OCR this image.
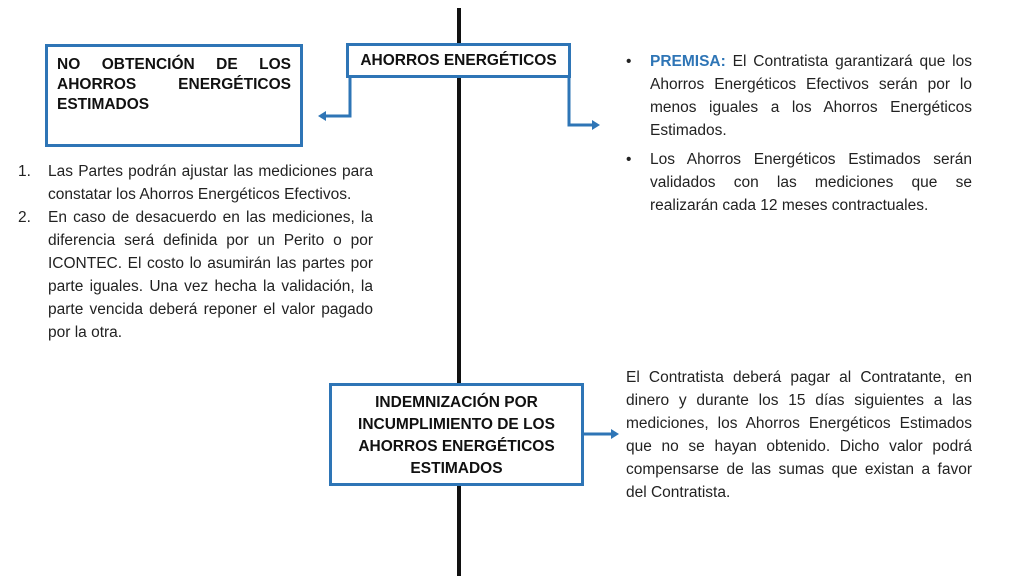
NO OBTENCIÓN DE LOS
AHORROS ENERGÉTICOS
ESTIMADOS
AHORROS ENERGÉTICOS
INDEMNIZACIÓN POR
INCUMPLIMIENTO DE LOS
AHORROS ENERGÉTICOS
ESTIMADOS
1. Las Partes podrán ajustar las mediciones para constatar los Ahorros Energéticos Efectivos.
2. En caso de desacuerdo en las mediciones, la diferencia será definida por un Perito o por ICONTEC. El costo lo asumirán las partes por parte iguales. Una vez hecha la validación, la parte vencida deberá reponer el valor pagado por la otra.
• PREMISA: El Contratista garantizará que los Ahorros Energéticos Efectivos serán por lo menos iguales a los Ahorros Energéticos Estimados.
• Los Ahorros Energéticos Estimados serán validados con las mediciones que se realizarán cada 12 meses contractuales.
El Contratista deberá pagar al Contratante, en dinero y durante los 15 días siguientes a las mediciones, los Ahorros Energéticos Estimados que no se hayan obtenido. Dicho valor podrá compensarse de las sumas que existan a favor del Contratista.
